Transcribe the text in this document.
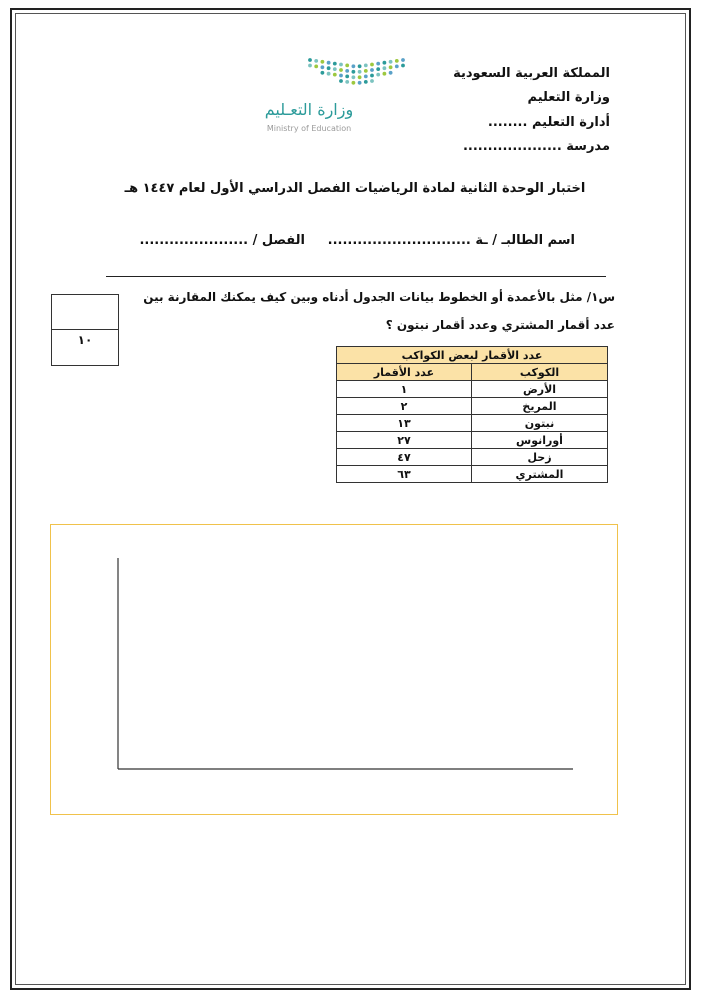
المملكة العربية السعودية
وزارة التعليم
أدارة التعليم ........
مدرسة ....................
وزارة التعـليم
Ministry of Education
اختبار الوحدة الثانية لمادة الرياضيات الفصل الدراسي الأول لعام ١٤٤٧ هـ
اسم الطالبـ / ـة .............................
الفصل / ......................
س١/ مثل بالأعمدة أو الخطوط بيانات الجدول أدناه وبين كيف يمكنك المقارنة بين
عدد أقمار المشتري وعدد أقمار نبتون ؟
١٠
عدد الأقمار لبعض الكواكب	
الكوكب	عدد الأقمار
الأرض	١
المريخ	٢
نبتون	١٣
أورانوس	٢٧
زحل	٤٧
المشتري	٦٣
